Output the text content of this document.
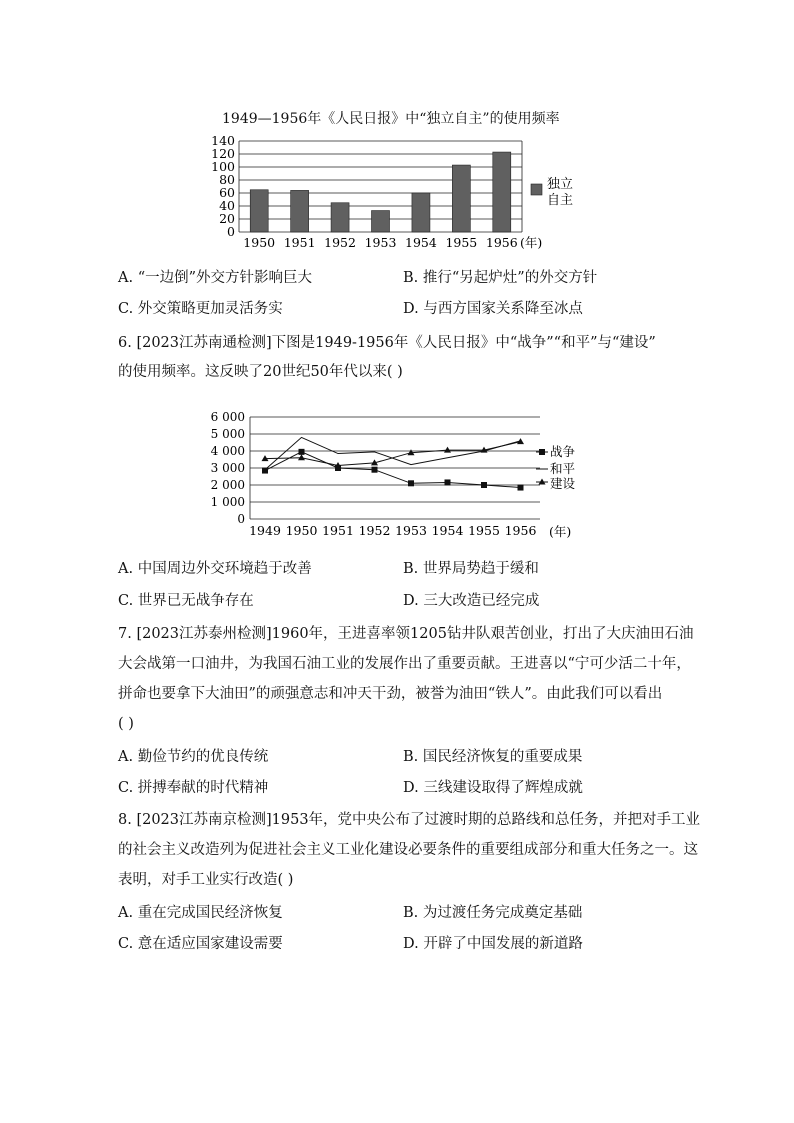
1949—1956年《人民日报》中“独立自主”的使用频率
0
20
40
60
80
100
120
140
1950 1951 1952 1953 1954 1955 1956 (年)
独立
自主
A. “一边倒”外交方针影响巨大	B. 推行“另起炉灶”的外交方针
C. 外交策略更加灵活务实	D. 与西方国家关系降至冰点
6. [2023江苏南通检测]下图是1949-1956年《人民日报》中“战争”“和平”与“建设”
的使用频率。这反映了20世纪50年代以来( )
0
1 000
2 000
3 000
4 000
5 000
6 000
1949 1950 1951 1952 1953 1954 1955 1956 (年)
战争
和平
建设
A. 中国周边外交环境趋于改善	B. 世界局势趋于缓和
C. 世界已无战争存在	D. 三大改造已经完成
7. [2023江苏泰州检测]1960年，王进喜率领1205钻井队艰苦创业，打出了大庆油田石油
大会战第一口油井，为我国石油工业的发展作出了重要贡献。王进喜以“宁可少活二十年，
拼命也要拿下大油田”的顽强意志和冲天干劲，被誉为油田“铁人”。由此我们可以看出
( )
A. 勤俭节约的优良传统	B. 国民经济恢复的重要成果
C. 拼搏奉献的时代精神	D. 三线建设取得了辉煌成就
8. [2023江苏南京检测]1953年，党中央公布了过渡时期的总路线和总任务，并把对手工业
的社会主义改造列为促进社会主义工业化建设必要条件的重要组成部分和重大任务之一。这
表明，对手工业实行改造( )
A. 重在完成国民经济恢复	B. 为过渡任务完成奠定基础
C. 意在适应国家建设需要	D. 开辟了中国发展的新道路
